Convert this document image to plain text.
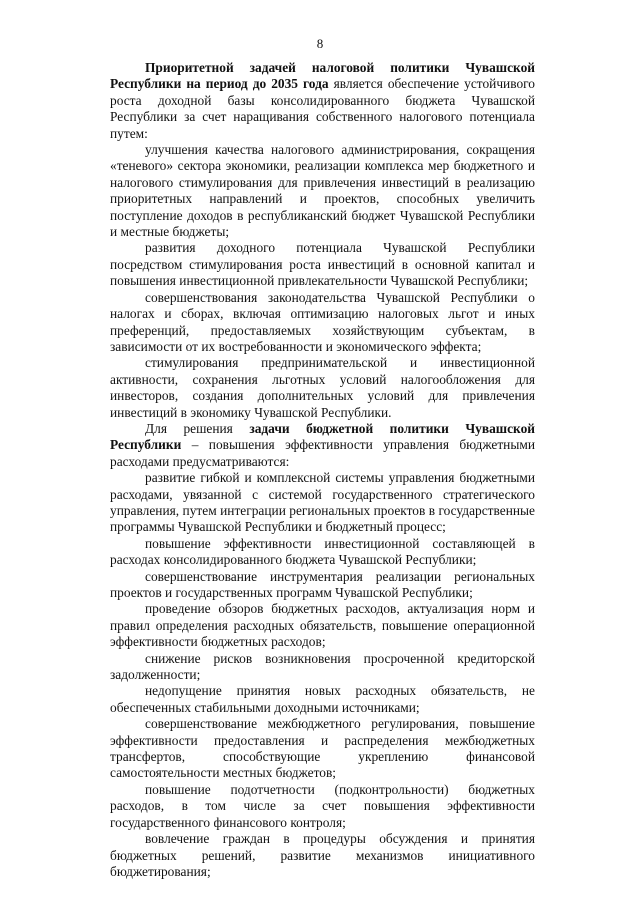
8

Приоритетной задачей налоговой политики Чувашской Республики на период до 2035 года является обеспечение устойчивого роста доходной базы консолидированного бюджета Чувашской Республики за счет наращивания собственного налогового потенциала путем:

улучшения качества налогового администрирования, сокращения «теневого» сектора экономики, реализации комплекса мер бюджетного и налогового стимулирования для привлечения инвестиций в реализацию приоритетных направлений и проектов, способных увеличить поступление доходов в республиканский бюджет Чувашской Республики и местные бюджеты;

развития доходного потенциала Чувашской Республики посредством стимулирования роста инвестиций в основной капитал и повышения инвестиционной привлекательности Чувашской Республики;

совершенствования законодательства Чувашской Республики о налогах и сборах, включая оптимизацию налоговых льгот и иных преференций, предоставляемых хозяйствующим субъектам, в зависимости от их востребованности и экономического эффекта;

стимулирования предпринимательской и инвестиционной активности, сохранения льготных условий налогообложения для инвесторов, создания дополнительных условий для привлечения инвестиций в экономику Чувашской Республики.

Для решения задачи бюджетной политики Чувашской Республики – повышения эффективности управления бюджетными расходами предусматриваются:

развитие гибкой и комплексной системы управления бюджетными расходами, увязанной с системой государственного стратегического управления, путем интеграции региональных проектов в государственные программы Чувашской Республики и бюджетный процесс;

повышение эффективности инвестиционной составляющей в расходах консолидированного бюджета Чувашской Республики;

совершенствование инструментария реализации региональных проектов и государственных программ Чувашской Республики;

проведение обзоров бюджетных расходов, актуализация норм и правил определения расходных обязательств, повышение операционной эффективности бюджетных расходов;

снижение рисков возникновения просроченной кредиторской задолженности;

недопущение принятия новых расходных обязательств, не обеспеченных стабильными доходными источниками;

совершенствование межбюджетного регулирования, повышение эффективности предоставления и распределения межбюджетных трансфертов, способствующие укреплению финансовой самостоятельности местных бюджетов;

повышение подотчетности (подконтрольности) бюджетных расходов, в том числе за счет повышения эффективности государственного финансового контроля;

вовлечение граждан в процедуры обсуждения и принятия бюджетных решений, развитие механизмов инициативного бюджетирования;
